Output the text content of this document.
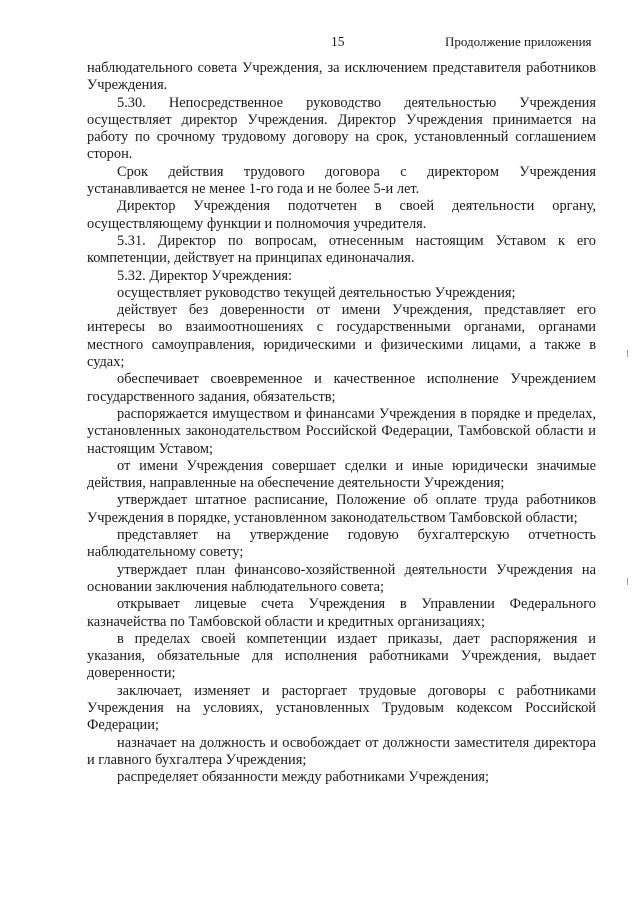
15	Продолжение приложения

наблюдательного совета Учреждения, за исключением представителя работников Учреждения.

5.30. Непосредственное руководство деятельностью Учреждения осуществляет директор Учреждения. Директор Учреждения принимается на работу по срочному трудовому договору на срок, установленный соглашением сторон.

Срок действия трудового договора с директором Учреждения устанавливается не менее 1-го года и не более 5-и лет.

Директор Учреждения подотчетен в своей деятельности органу, осуществляющему функции и полномочия учредителя.

5.31. Директор по вопросам, отнесенным настоящим Уставом к его компетенции, действует на принципах единоначалия.

5.32. Директор Учреждения:

осуществляет руководство текущей деятельностью Учреждения;

действует без доверенности от имени Учреждения, представляет его интересы во взаимоотношениях с государственными органами, органами местного самоуправления, юридическими и физическими лицами, а также в судах;

обеспечивает своевременное и качественное исполнение Учреждением государственного задания, обязательств;

распоряжается имуществом и финансами Учреждения в порядке и пределах, установленных законодательством Российской Федерации, Тамбовской области и настоящим Уставом;

от имени Учреждения совершает сделки и иные юридически значимые действия, направленные на обеспечение деятельности Учреждения;

утверждает штатное расписание, Положение об оплате труда работников Учреждения в порядке, установленном законодательством Тамбовской области;

представляет на утверждение годовую бухгалтерскую отчетность наблюдательному совету;

утверждает план финансово-хозяйственной деятельности Учреждения на основании заключения наблюдательного совета;

открывает лицевые счета Учреждения в Управлении Федерального казначейства по Тамбовской области и кредитных организациях;

в пределах своей компетенции издает приказы, дает распоряжения и указания, обязательные для исполнения работниками Учреждения, выдает доверенности;

заключает, изменяет и расторгает трудовые договоры с работниками Учреждения на условиях, установленных Трудовым кодексом Российской Федерации;

назначает на должность и освобождает от должности заместителя директора и главного бухгалтера Учреждения;

распределяет обязанности между работниками Учреждения;
